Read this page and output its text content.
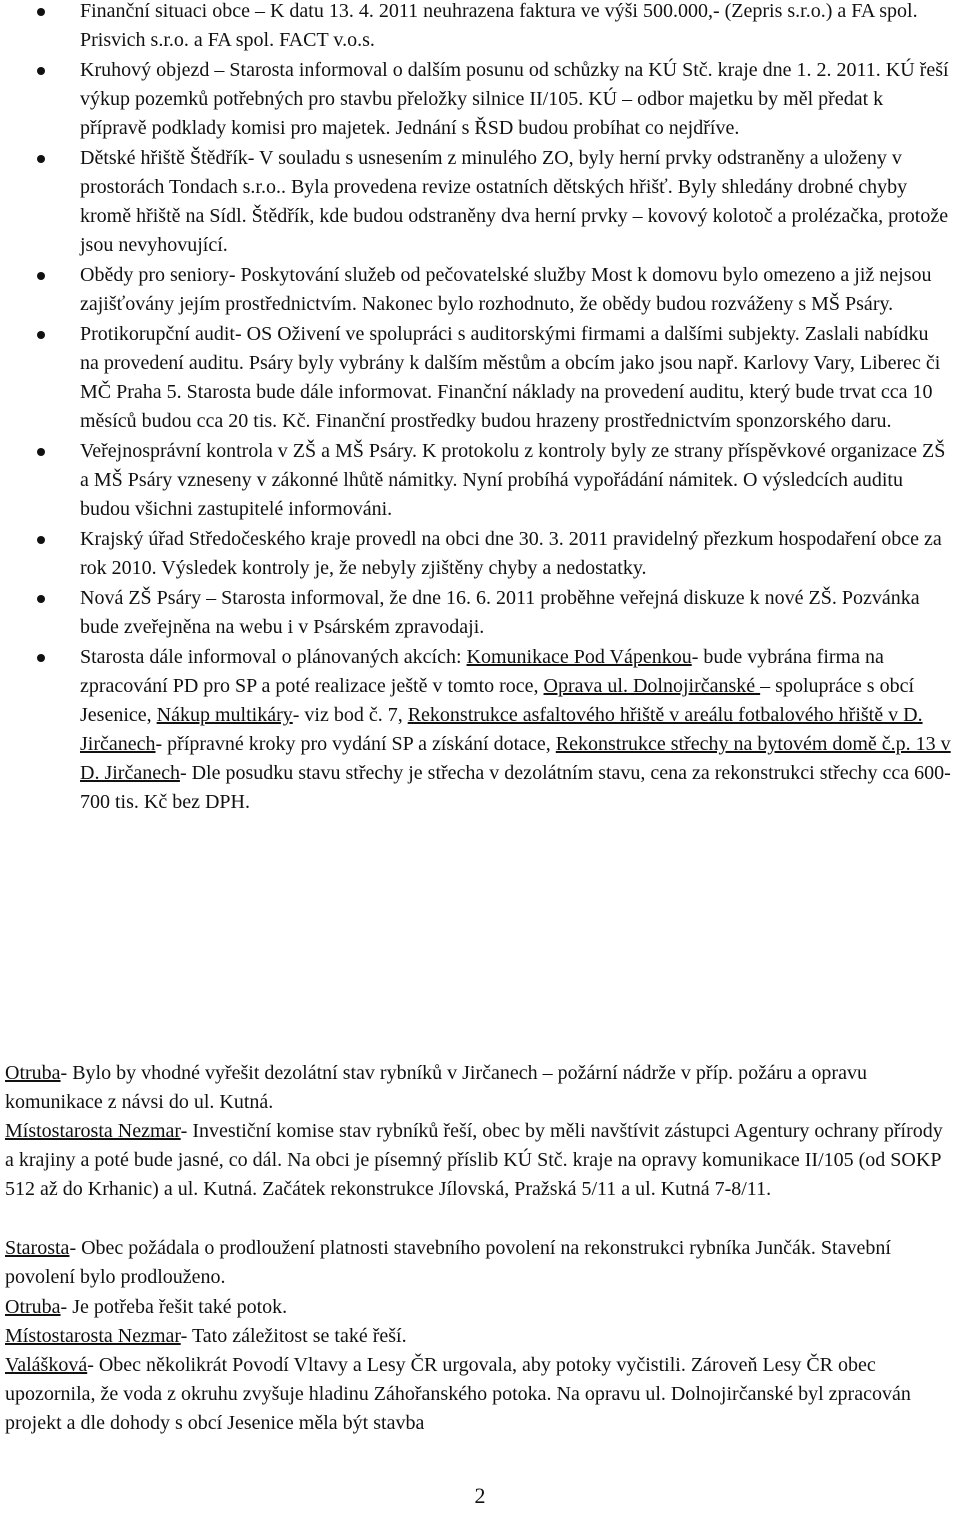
Finanční situaci obce – K datu 13. 4. 2011 neuhrazena faktura ve výši 500.000,- (Zepris s.r.o.) a FA spol. Prisvich s.r.o. a FA spol. FACT v.o.s.
Kruhový objezd – Starosta informoval o dalším posunu od schůzky na KÚ Stč. kraje dne 1. 2. 2011. KÚ řeší výkup pozemků potřebných pro stavbu přeložky silnice II/105. KÚ – odbor majetku by měl předat k přípravě podklady komisi pro majetek. Jednání s ŘSD budou probíhat co nejdříve.
Dětské hřiště Štědřík- V souladu s usnesením z minulého ZO, byly herní prvky odstraněny a uloženy v prostorách Tondach s.r.o.. Byla provedena revize ostatních dětských hřišť. Byly shledány drobné chyby kromě hřiště na Sídl. Štědřík, kde budou odstraněny dva herní prvky – kovový kolotoč a prolézačka, protože jsou nevyhovující.
Obědy pro seniory- Poskytování služeb od pečovatelské služby Most k domovu bylo omezeno a již nejsou zajišťovány jejím prostřednictvím. Nakonec bylo rozhodnuto, že obědy budou rozváženy s MŠ Psáry.
Protikorupční audit- OS Oživení ve spolupráci s auditorskými firmami a dalšími subjekty. Zaslali nabídku na provedení auditu. Psáry byly vybrány k dalším městům a obcím jako jsou např. Karlovy Vary, Liberec či MČ Praha 5. Starosta bude dále informovat. Finanční náklady na provedení auditu, který bude trvat cca 10 měsíců budou cca 20 tis. Kč. Finanční prostředky budou hrazeny prostřednictvím sponzorského daru.
Veřejnosprávní kontrola v ZŠ a MŠ Psáry. K protokolu z kontroly byly ze strany příspěvkové organizace ZŠ a MŠ Psáry vzneseny v zákonné lhůtě námitky. Nyní probíhá vypořádání námitek. O výsledcích auditu budou všichni zastupitelé informováni.
Krajský úřad Středočeského kraje provedl na obci dne 30. 3. 2011 pravidelný přezkum hospodaření obce za rok 2010. Výsledek kontroly je, že nebyly zjištěny chyby a nedostatky.
Nová ZŠ Psáry – Starosta informoval, že dne 16. 6. 2011 proběhne veřejná diskuze k nové ZŠ. Pozvánka bude zveřejněna na webu i v Psárském zpravodaji.
Starosta dále informoval o plánovaných akcích: Komunikace Pod Vápenkou- bude vybrána firma na zpracování PD pro SP a poté realizace ještě v tomto roce, Oprava ul. Dolnojirčanské – spolupráce s obcí Jesenice, Nákup multikáry- viz bod č. 7, Rekonstrukce asfaltového hřiště v areálu fotbalového hřiště v D. Jirčanech- přípravné kroky pro vydání SP a získání dotace, Rekonstrukce střechy na bytovém domě č.p. 13 v D. Jirčanech- Dle posudku stavu střechy je střecha v dezolátním stavu, cena za rekonstrukci střechy cca 600-700 tis. Kč bez DPH.
Otruba- Bylo by vhodné vyřešit dezolátní stav rybníků v Jirčanech – požární nádrže v příp. požáru a opravu komunikace z návsi do ul. Kutná.
Místostarosta Nezmar- Investiční komise stav rybníků řeší, obec by měli navštívit zástupci Agentury ochrany přírody a krajiny a poté bude jasné, co dál. Na obci je písemný příslib KÚ Stč. kraje na opravy komunikace II/105 (od SOKP 512 až do Krhanic) a ul. Kutná. Začátek rekonstrukce Jílovská, Pražská 5/11 a ul. Kutná 7-8/11.
Starosta- Obec požádala o prodloužení platnosti stavebního povolení na rekonstrukci rybníka Junčák. Stavební povolení bylo prodlouženo.
Otruba- Je potřeba řešit také potok.
Místostarosta Nezmar- Tato záležitost se také řeší.
Valášková- Obec několikrát Povodí Vltavy a Lesy ČR urgovala, aby potoky vyčistili. Zároveň Lesy ČR obec upozornila, že voda z okruhu zvyšuje hladinu Záhořanského potoka. Na opravu ul. Dolnojirčanské byl zpracován projekt a dle dohody s obcí Jesenice měla být stavba
2
